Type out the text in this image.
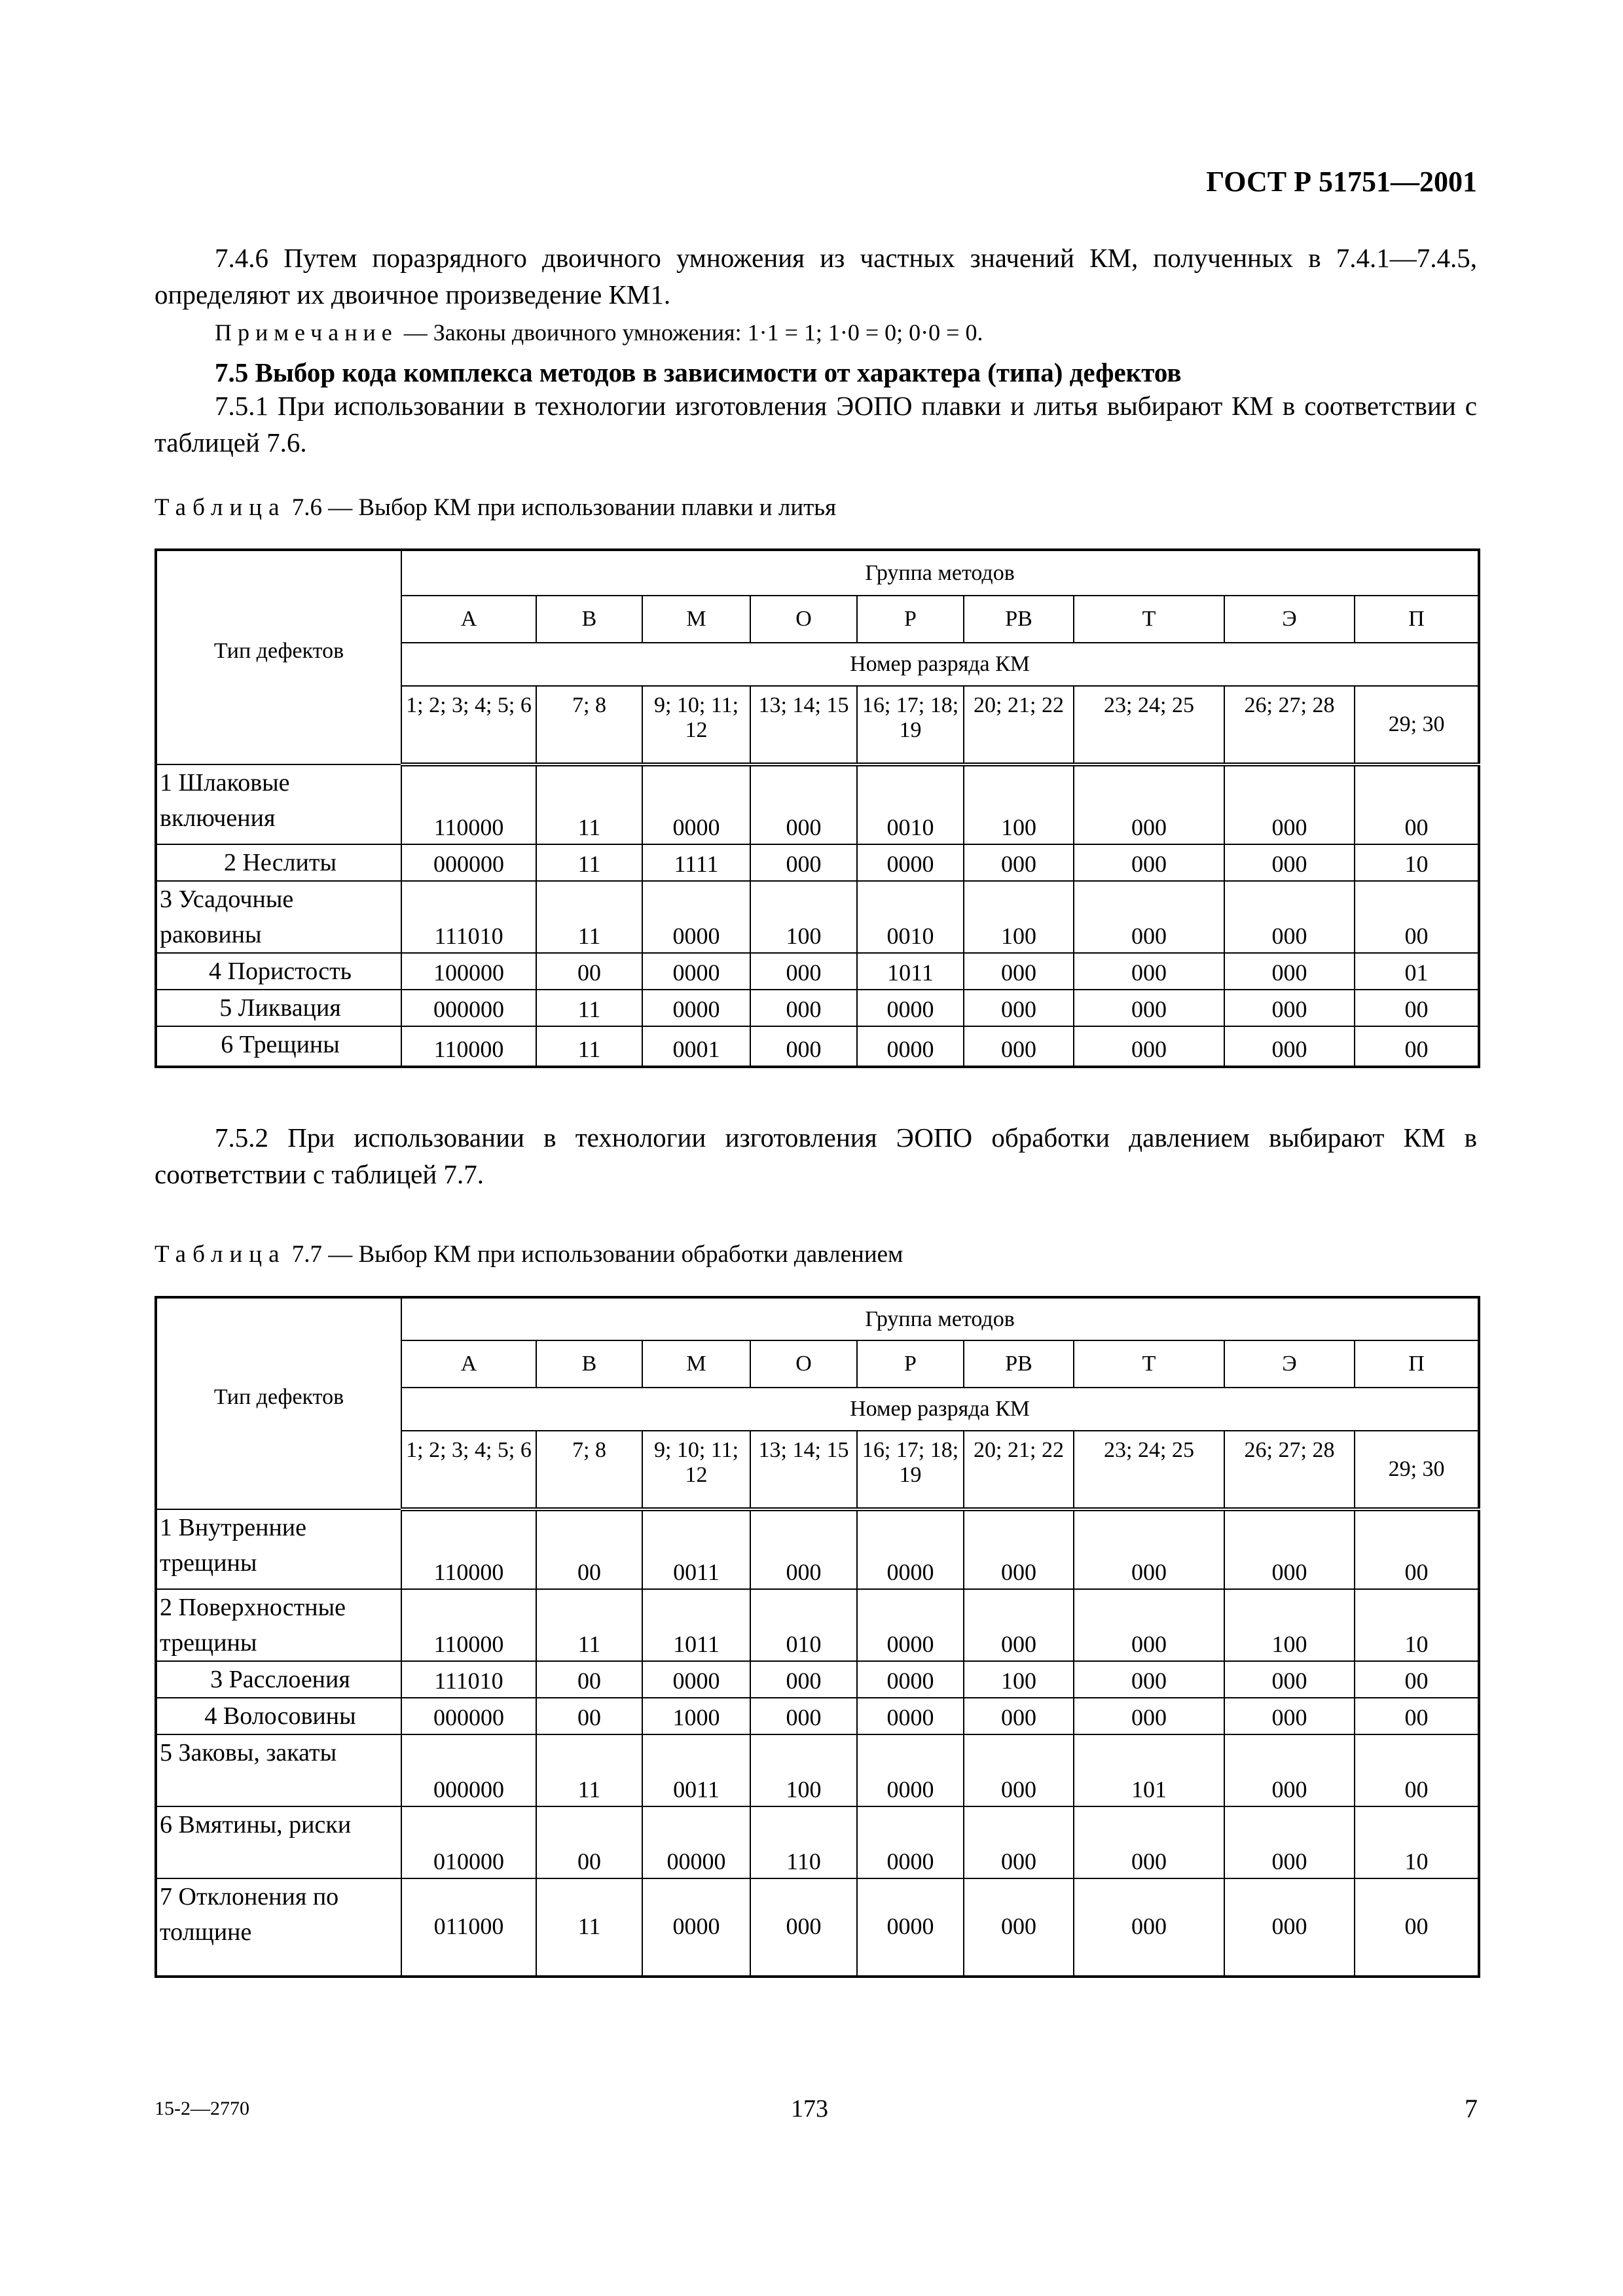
ГОСТ Р 51751—2001

7.4.6 Путем поразрядного двоичного умножения из частных значений КМ, полученных в 7.4.1—7.4.5, определяют их двоичное произведение КМ1.

Примечание — Законы двоичного умножения: 1·1 = 1; 1·0 = 0; 0·0 = 0.
7.5 Выбор кода комплекса методов в зависимости от характера (типа) дефектов

7.5.1 При использовании в технологии изготовления ЭОПО плавки и литья выбирают КМ в соответствии с таблицей 7.6.

Таблица 7.6 — Выбор КМ при использовании плавки и литья
Тип дефектов	Группа методов								
	А	В	М	О	Р	РВ	Т	Э	П
	Номер разряда КМ								
	1; 2; 3; 4; 5; 6	7; 8	9; 10; 11; 12	13; 14; 15	16; 17; 18; 19	20; 21; 22	23; 24; 25	26; 27; 28	29; 30
1 Шлаковые включения	110000	11	0000	000	0010	100	000	000	00
2 Неслиты	000000	11	1111	000	0000	000	000	000	10
3 Усадочные раковины	111010	11	0000	100	0010	100	000	000	00
4 Пористость	100000	00	0000	000	1011	000	000	000	01
5 Ликвация	000000	11	0000	000	0000	000	000	000	00
6 Трещины	110000	11	0001	000	0000	000	000	000	00

7.5.2 При использовании в технологии изготовления ЭОПО обработки давлением выбирают КМ в соответствии с таблицей 7.7.

Таблица 7.7 — Выбор КМ при использовании обработки давлением
Тип дефектов	Группа методов								
	А	В	М	О	Р	РВ	Т	Э	П
	Номер разряда КМ								
	1; 2; 3; 4; 5; 6	7; 8	9; 10; 11; 12	13; 14; 15	16; 17; 18; 19	20; 21; 22	23; 24; 25	26; 27; 28	29; 30
1 Внутренние трещины	110000	00	0011	000	0000	000	000	000	00
2 Поверхностные трещины	110000	11	1011	010	0000	000	000	100	10
3 Расслоения	111010	00	0000	000	0000	100	000	000	00
4 Волосовины	000000	00	1000	000	0000	000	000	000	00
5 Заковы, закаты	000000	11	0011	100	0000	000	101	000	00
6 Вмятины, риски	010000	00	00000	110	0000	000	000	000	10
7 Отклонения по толщине	011000	11	0000	000	0000	000	000	000	00
15-2—2770	173	7
